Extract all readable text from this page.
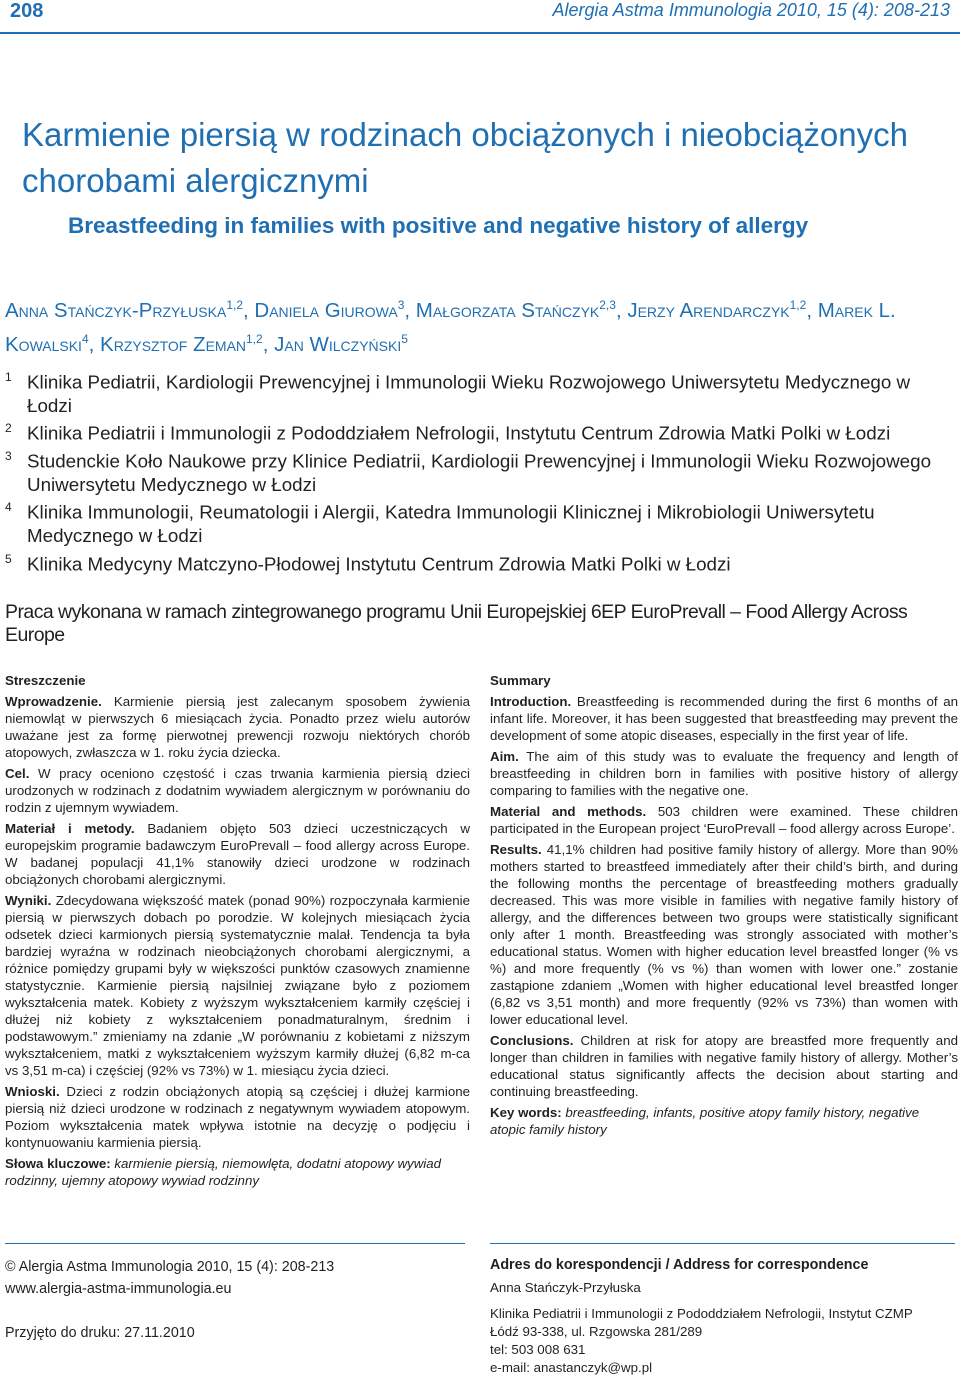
208	Alergia Astma Immunologia 2010, 15 (4): 208-213
Karmienie piersią w rodzinach obciążonych i nieobciążonych chorobami alergicznymi
Breastfeeding in families with positive and negative history of allergy
Anna Stańczyk-Przyłuska$^{1,2}$, Daniela Giurowa$^3$, Małgorzata Stańczyk$^{2,3}$, Jerzy Arendarczyk$^{1,2}$, Marek L. Kowalski$^4$, Krzysztof Zeman$^{1,2}$, Jan Wilczyński$^5$
$^1$ Klinika Pediatrii, Kardiologii Prewencyjnej i Immunologii Wieku Rozwojowego Uniwersytetu Medycznego w Łodzi
$^2$ Klinika Pediatrii i Immunologii z Pododdziałem Nefrologii, Instytutu Centrum Zdrowia Matki Polki w Łodzi
$^3$ Studenckie Koło Naukowe przy Klinice Pediatrii, Kardiologii Prewencyjnej i Immunologii Wieku Rozwojowego Uniwersytetu Medycznego w Łodzi
$^4$ Klinika Immunologii, Reumatologii i Alergii, Katedra Immunologii Klinicznej i Mikrobiologii Uniwersytetu Medycznego w Łodzi
$^5$ Klinika Medycyny Matczyno-Płodowej Instytutu Centrum Zdrowia Matki Polki w Łodzi
Praca wykonana w ramach zintegrowanego programu Unii Europejskiej 6EP EuroPrevall – Food Allergy Across Europe

Streszczenie

Wprowadzenie. Karmienie piersią jest zalecanym sposobem żywienia niemowląt w pierwszych 6 miesiącach życia. Ponadto przez wielu autorów uważane jest za formę pierwotnej prewencji rozwoju niektórych chorób atopowych, zwłaszcza w 1. roku życia dziecka.

Cel. W pracy oceniono częstość i czas trwania karmienia piersią dzieci urodzonych w rodzinach z dodatnim wywiadem alergicznym w porównaniu do rodzin z ujemnym wywiadem.

Materiał i metody. Badaniem objęto 503 dzieci uczestniczących w europejskim programie badawczym EuroPrevall – food allergy across Europe. W badanej populacji 41,1% stanowiły dzieci urodzone w rodzinach obciążonych chorobami alergicznymi.

Wyniki. Zdecydowana większość matek (ponad 90%) rozpoczynała karmienie piersią w pierwszych dobach po porodzie. W kolejnych miesiącach życia odsetek dzieci karmionych piersią systematycznie malał. Tendencja ta była bardziej wyraźna w rodzinach nieobciążonych chorobami alergicznymi, a różnice pomiędzy grupami były w większości punktów czasowych znamienne statystycznie. Karmienie piersią najsilniej związane było z poziomem wykształcenia matek. Kobiety z wyższym wykształceniem karmiły częściej i dłużej niż kobiety z wykształceniem ponadmaturalnym, średnim i podstawowym.” zmieniamy na zdanie „W porównaniu z kobietami z niższym wykształceniem, matki z wykształceniem wyższym karmiły dłużej (6,82 m-ca vs 3,51 m-ca) i częściej (92% vs 73%) w 1. miesiącu życia dzieci.

Wnioski. Dzieci z rodzin obciążonych atopią są częściej i dłużej karmione piersią niż dzieci urodzone w rodzinach z negatywnym wywiadem atopowym. Poziom wykształcenia matek wpływa istotnie na decyzję o podjęciu i kontynuowaniu karmienia piersią.

Słowa kluczowe: karmienie piersią, niemowlęta, dodatni atopowy wywiad rodzinny, ujemny atopowy wywiad rodzinny

Summary

Introduction. Breastfeeding is recommended during the first 6 months of an infant life. Moreover, it has been suggested that breastfeeding may prevent the development of some atopic diseases, especially in the first year of life.

Aim. The aim of this study was to evaluate the frequency and length of breastfeeding in children born in families with positive history of allergy comparing to families with the negative one.

Material and methods. 503 children were examined. These children participated in the European project ‘EuroPrevall – food allergy across Europe’.

Results. 41,1% children had positive family history of allergy. More than 90% mothers started to breastfeed immediately after their child’s birth, and during the following months the percentage of breastfeeding mothers gradually decreased. This was more visible in families with negative family history of allergy, and the differences between two groups were statistically significant only after 1 month. Breastfeeding was strongly associated with mother’s educational status. Women with higher education level breastfed longer (% vs %) and more frequently (% vs %) than women with lower one.” zostanie zastąpione zdaniem „Women with higher educational level breastfed longer (6,82 vs 3,51 month) and more frequently (92% vs 73%) than women with lower educational level.

Conclusions. Children at risk for atopy are breastfed more frequently and longer than children in families with negative family history of allergy. Mother’s educational status significantly affects the decision about starting and continuing breastfeeding.

Key words: breastfeeding, infants, positive atopy family history, negative atopic family history

© Alergia Astma Immunologia 2010, 15 (4): 208-213
www.alergia-astma-immunologia.eu
Przyjęto do druku: 27.11.2010
Adres do korespondencji / Address for correspondence
Anna Stańczyk-Przyłuska
Klinika Pediatrii i Immunologii z Pododdziałem Nefrologii, Instytut CZMP
Łódź 93-338, ul. Rzgowska 281/289
tel: 503 008 631
e-mail: anastanczyk@wp.pl
